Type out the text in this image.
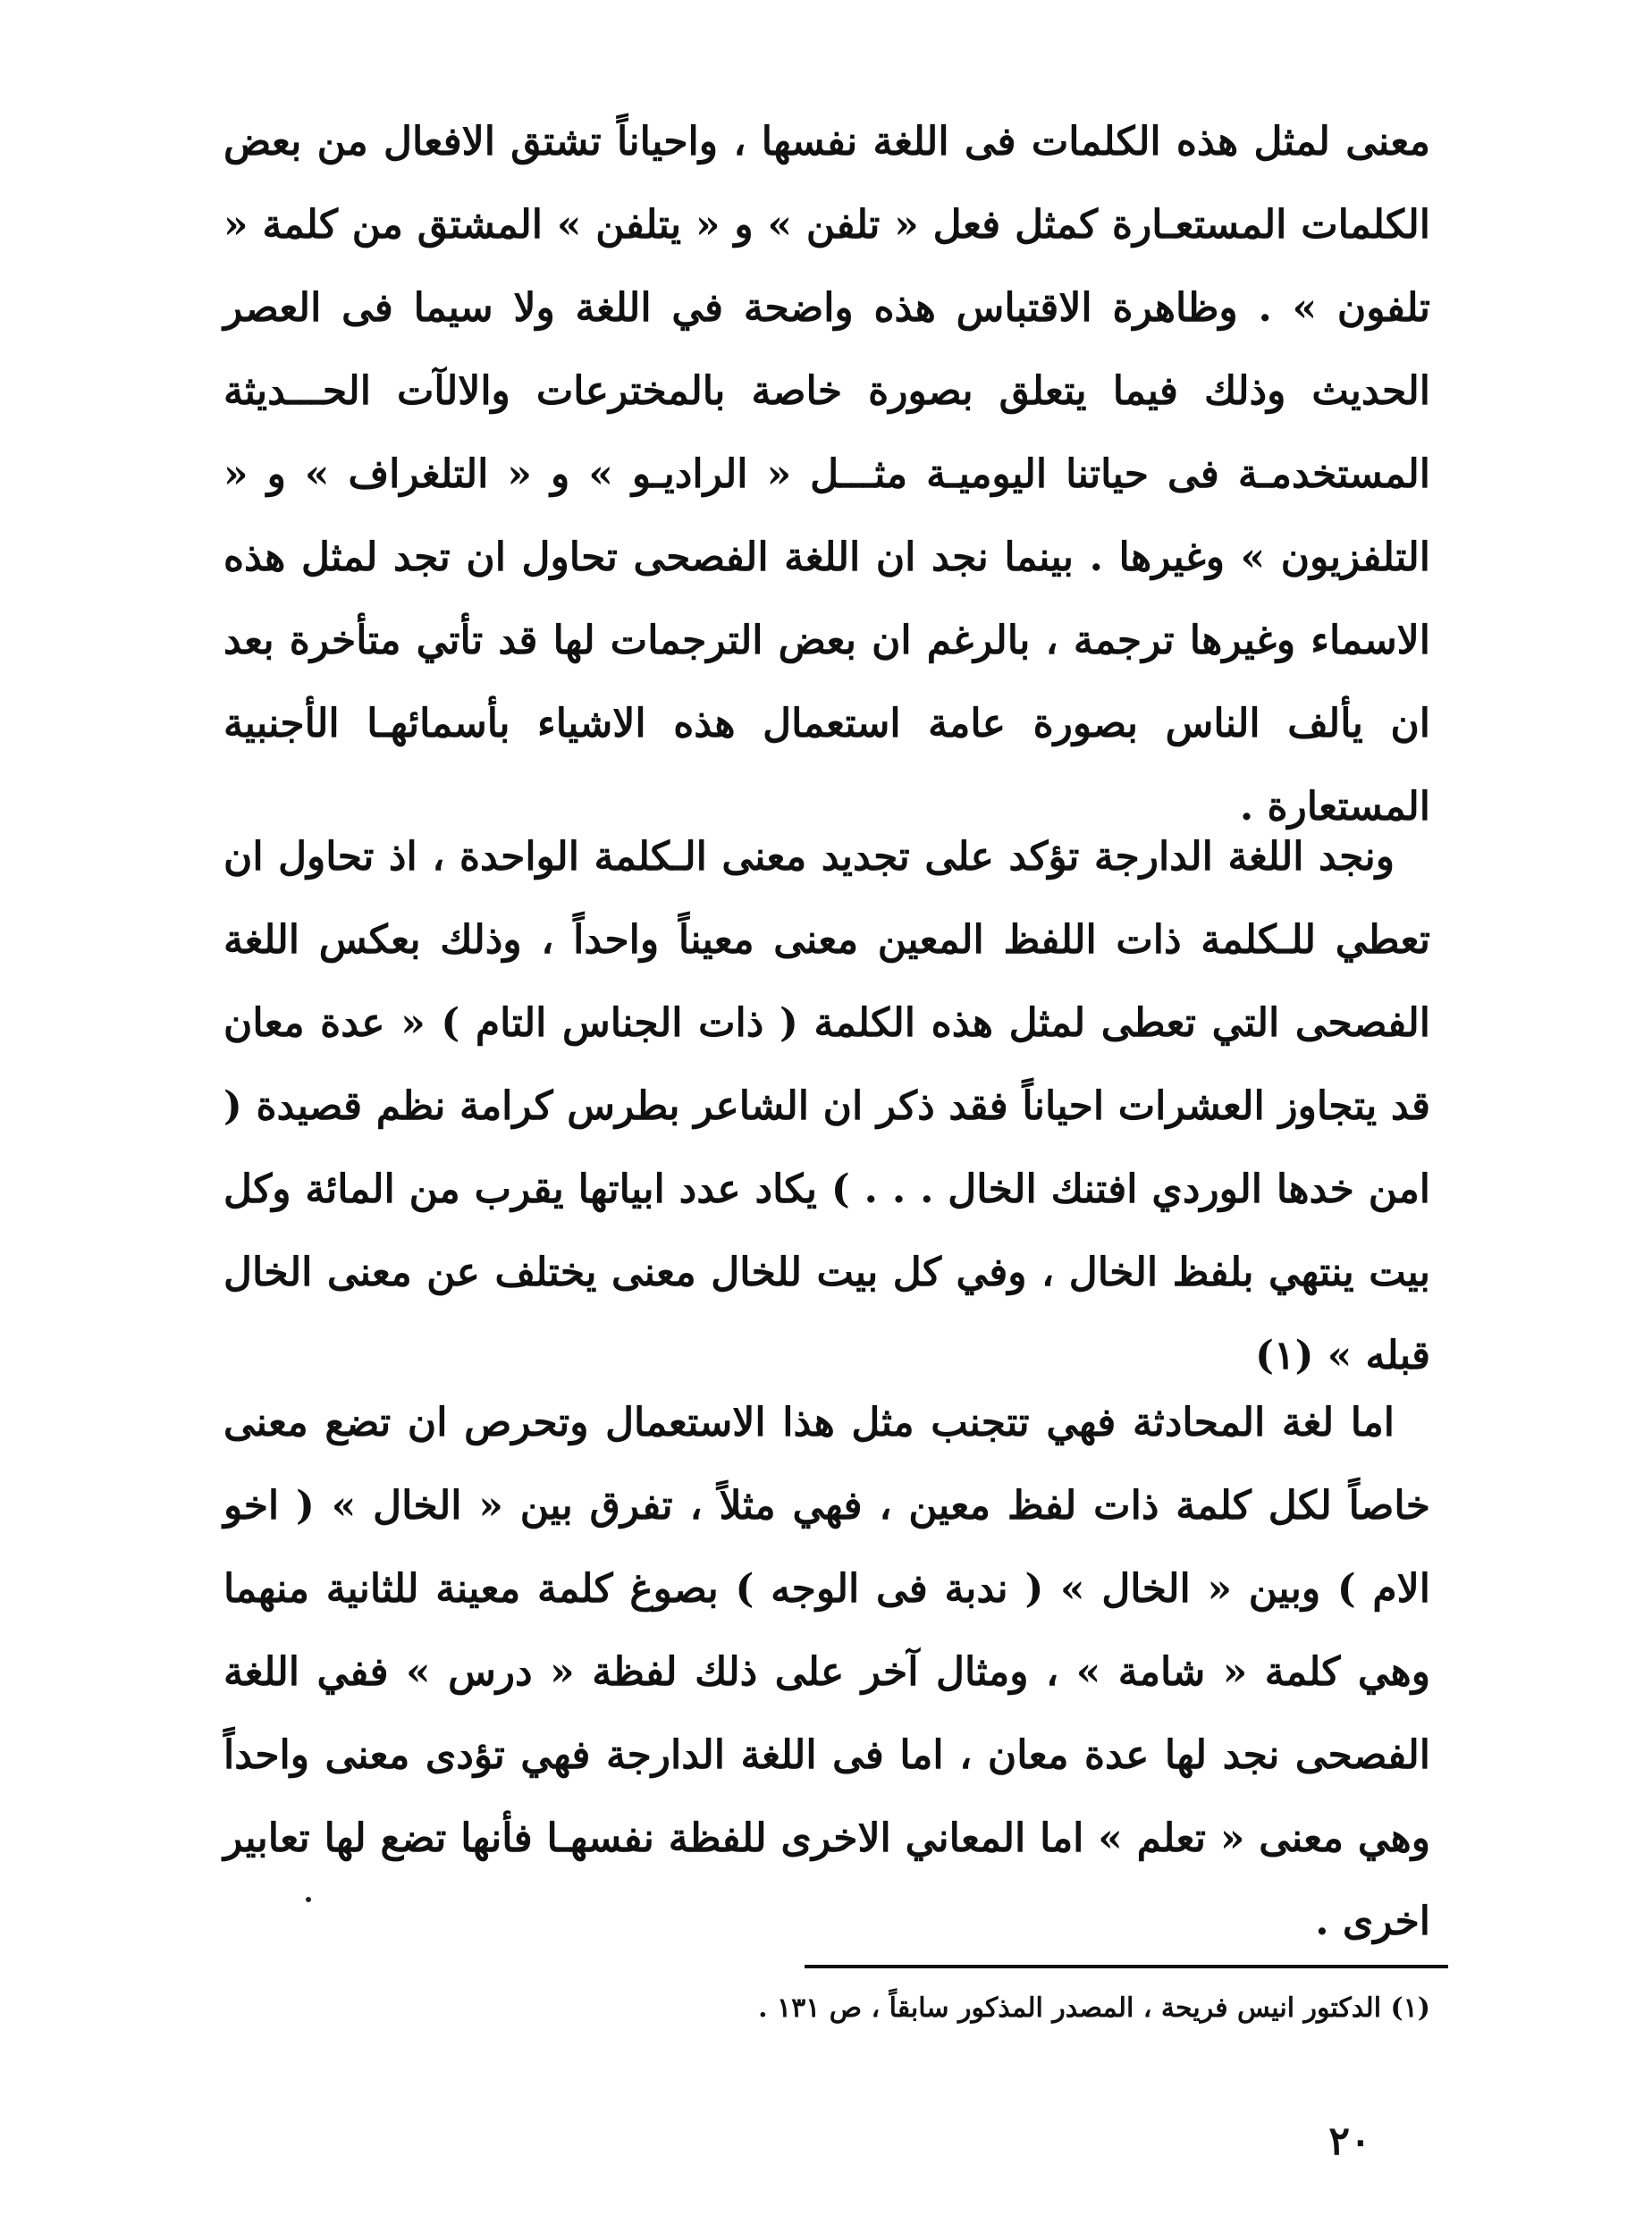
معنى لمثل هذه الكلمات فى اللغة نفسها ، واحياناً تشتق الافعال من بعض الكلمات المستعـارة كمثل فعل « تلفن » و « يتلفن » المشتق من كلمة « تلفون » . وظاهرة الاقتباس هذه واضحة في اللغة ولا سيما فى العصر الحديث وذلك فيما يتعلق بصورة خاصة بالمخترعات والالآت الحـــديثة المستخدمـة فى حياتنا اليوميـة مثـــل « الراديـو » و « التلغراف » و « التلفزيون » وغيرها . بينما نجد ان اللغة الفصحى تحاول ان تجد لمثل هذه الاسماء وغيرها ترجمة ، بالرغم ان بعض الترجمات لها قد تأتي متأخرة بعد ان يألف الناس بصورة عامة استعمال هذه الاشياء بأسمائهـا الأجنبية المستعارة .

ونجد اللغة الدارجة تؤكد على تجديد معنى الـكلمة الواحدة ، اذ تحاول ان تعطي للـكلمة ذات اللفظ المعين معنى معيناً واحداً ، وذلك بعكس اللغة الفصحى التي تعطى لمثل هذه الكلمة ( ذات الجناس التام ) « عدة معان قد يتجاوز العشرات احياناً فقد ذكر ان الشاعر بطرس كرامة نظم قصيدة ( امن خدها الوردي افتنك الخال . . . ) يكاد عدد ابياتها يقرب من المائة وكل بيت ينتهي بلفظ الخال ، وفي كل بيت للخال معنى يختلف عن معنى الخال قبله » (١)

اما لغة المحادثة فهي تتجنب مثل هذا الاستعمال وتحرص ان تضع معنى خاصاً لكل كلمة ذات لفظ معين ، فهي مثلاً ، تفرق بين « الخال » ( اخو الام ) وبين « الخال » ( ندبة فى الوجه ) بصوغ كلمة معينة للثانية منهما وهي كلمة « شامة » ، ومثال آخر على ذلك لفظة « درس » ففي اللغة الفصحى نجد لها عدة معان ، اما فى اللغة الدارجة فهي تؤدى معنى واحداً وهي معنى « تعلم » اما المعاني الاخرى للفظة نفسهـا فأنها تضع لها تعابير اخرى .

(١) الدكتور انيس فريحة ، المصدر المذكور سابقاً ، ص ١٣١ .
٢٠
